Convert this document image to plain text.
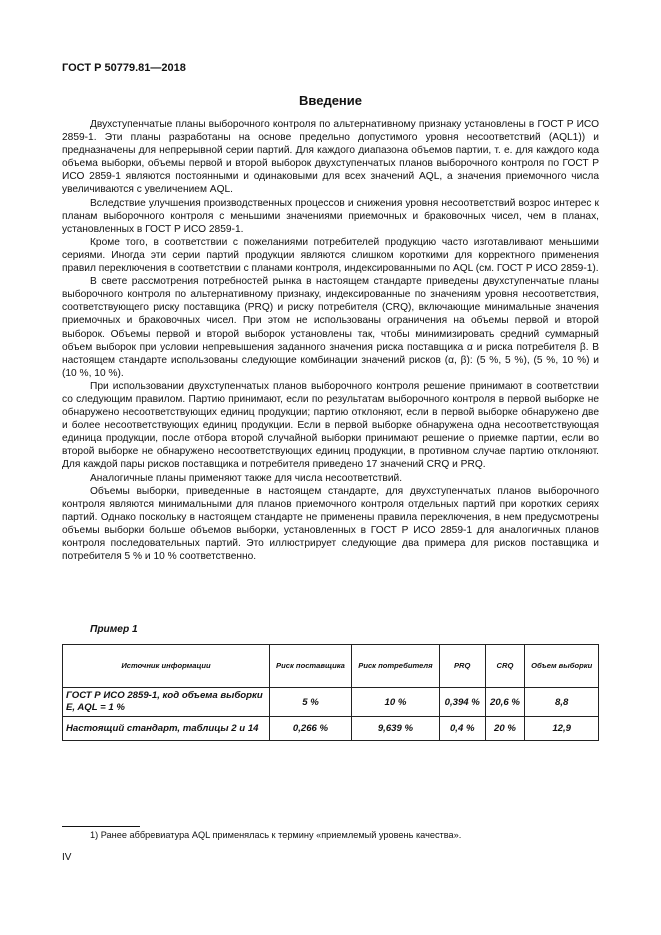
ГОСТ Р 50779.81—2018
Введение

Двухступенчатые планы выборочного контроля по альтернативному признаку установлены в ГОСТ Р ИСО 2859-1. Эти планы разработаны на основе предельно допустимого уровня несоответствий (AQL1)) и предназначены для непрерывной серии партий. Для каждого диапазона объемов партии, т. е. для каждого кода объема выборки, объемы первой и второй выборок двухступенчатых планов выборочного контроля по ГОСТ Р ИСО 2859-1 являются постоянными и одинаковыми для всех значений AQL, а значения приемочного числа увеличиваются с увеличением AQL.

Вследствие улучшения производственных процессов и снижения уровня несоответствий возрос интерес к планам выборочного контроля с меньшими значениями приемочных и браковочных чисел, чем в планах, установленных в ГОСТ Р ИСО 2859-1.

Кроме того, в соответствии с пожеланиями потребителей продукцию часто изготавливают меньшими сериями. Иногда эти серии партий продукции являются слишком короткими для корректного применения правил переключения в соответствии с планами контроля, индексированными по AQL (см. ГОСТ Р ИСО 2859-1).

В свете рассмотрения потребностей рынка в настоящем стандарте приведены двухступенчатые планы выборочного контроля по альтернативному признаку, индексированные по значениям уровня несоответствия, соответствующего риску поставщика (PRQ) и риску потребителя (CRQ), включающие минимальные значения приемочных и браковочных чисел. При этом не использованы ограничения на объемы первой и второй выборок. Объемы первой и второй выборок установлены так, чтобы минимизировать средний суммарный объем выборок при условии непревышения заданного значения риска поставщика α и риска потребителя β. В настоящем стандарте использованы следующие комбинации значений рисков (α, β): (5 %, 5 %), (5 %, 10 %) и (10 %, 10 %).

При использовании двухступенчатых планов выборочного контроля решение принимают в соответствии со следующим правилом. Партию принимают, если по результатам выборочного контроля в первой выборке не обнаружено несоответствующих единиц продукции; партию отклоняют, если в первой выборке обнаружено две и более несоответствующих единиц продукции. Если в первой выборке обнаружена одна несоответствующая единица продукции, после отбора второй случайной выборки принимают решение о приемке партии, если во второй выборке не обнаружено несоответствующих единиц продукции, в противном случае партию отклоняют. Для каждой пары рисков поставщика и потребителя приведено 17 значений CRQ и PRQ.

Аналогичные планы применяют также для числа несоответствий.

Объемы выборки, приведенные в настоящем стандарте, для двухступенчатых планов выборочного контроля являются минимальными для планов приемочного контроля отдельных партий при коротких сериях партий. Однако поскольку в настоящем стандарте не применены правила переключения, в нем предусмотрены объемы выборки больше объемов выборки, установленных в ГОСТ Р ИСО 2859-1 для аналогичных планов контроля последовательных партий. Это иллюстрирует следующие два примера для рисков поставщика и потребителя 5 % и 10 % соответственно.

Пример 1
Источник информации	Риск поставщика	Риск потребителя	PRQ	CRQ	Объем выборки
ГОСТ Р ИСО 2859-1, код объема выборки E, AQL = 1 %	5 %	10 %	0,394 %	20,6 %	8,8
Настоящий стандарт, таблицы 2 и 14	0,266 %	9,639 %	0,4 %	20 %	12,9
1) Ранее аббревиатура AQL применялась к термину «приемлемый уровень качества».
IV
